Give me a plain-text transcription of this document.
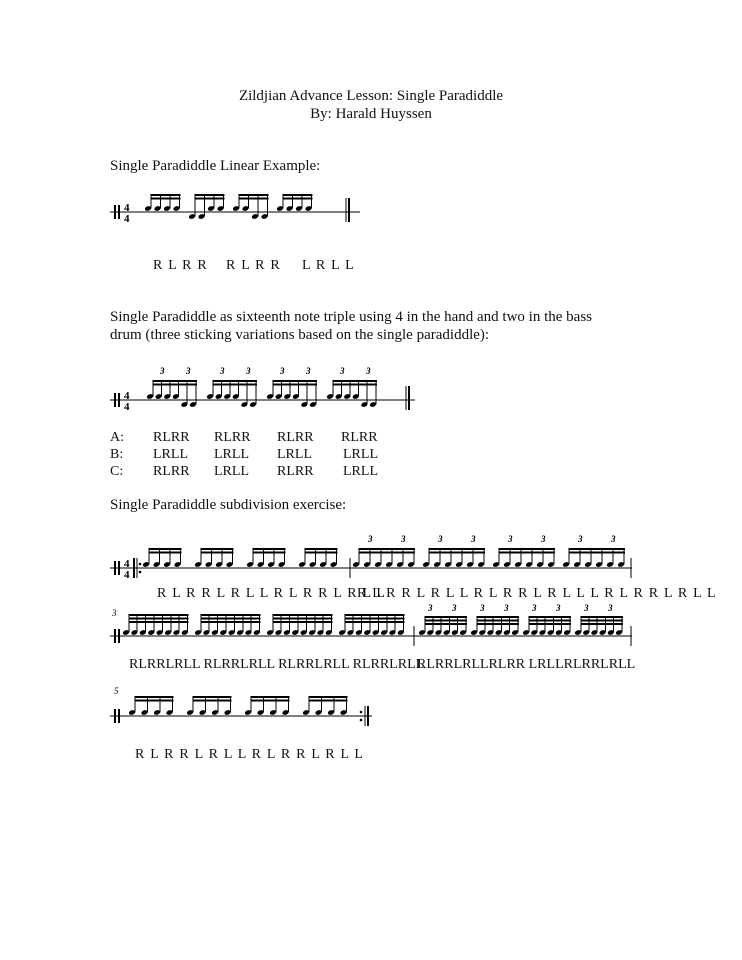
Zildjian Advance Lesson: Single Paradiddle
By: Harald Huyssen
Single Paradiddle Linear Example:
4
4
R L R R R L R R L R L L
Single Paradiddle as sixteenth note triple using 4 in the hand and two in the bass drum (three sticking variations based on the single paradiddle):
4
4
3 3	3 3	3 3	3 3
A: RLRR RLRR RLRR RLRR
B: LRLL LRLL LRLL LRLL
C: RLRR LRLL RLRR LRLL
Single Paradiddle subdivision exercise:
4
4
3	3	3	3	3	3	3	3
R L R R L R L L R L R R L R L L
R L R R L R L L R L R R L R L L L R L R R L R L L
3	3 3	3 3	3 3	3 3
RLRRLRLL RLRRLRLL RLRRLRLL RLRRLRLL
RLRRLRLLRLRR LRLLRLRRLRLL
5
R L R R L R L L R L R R L R L L
